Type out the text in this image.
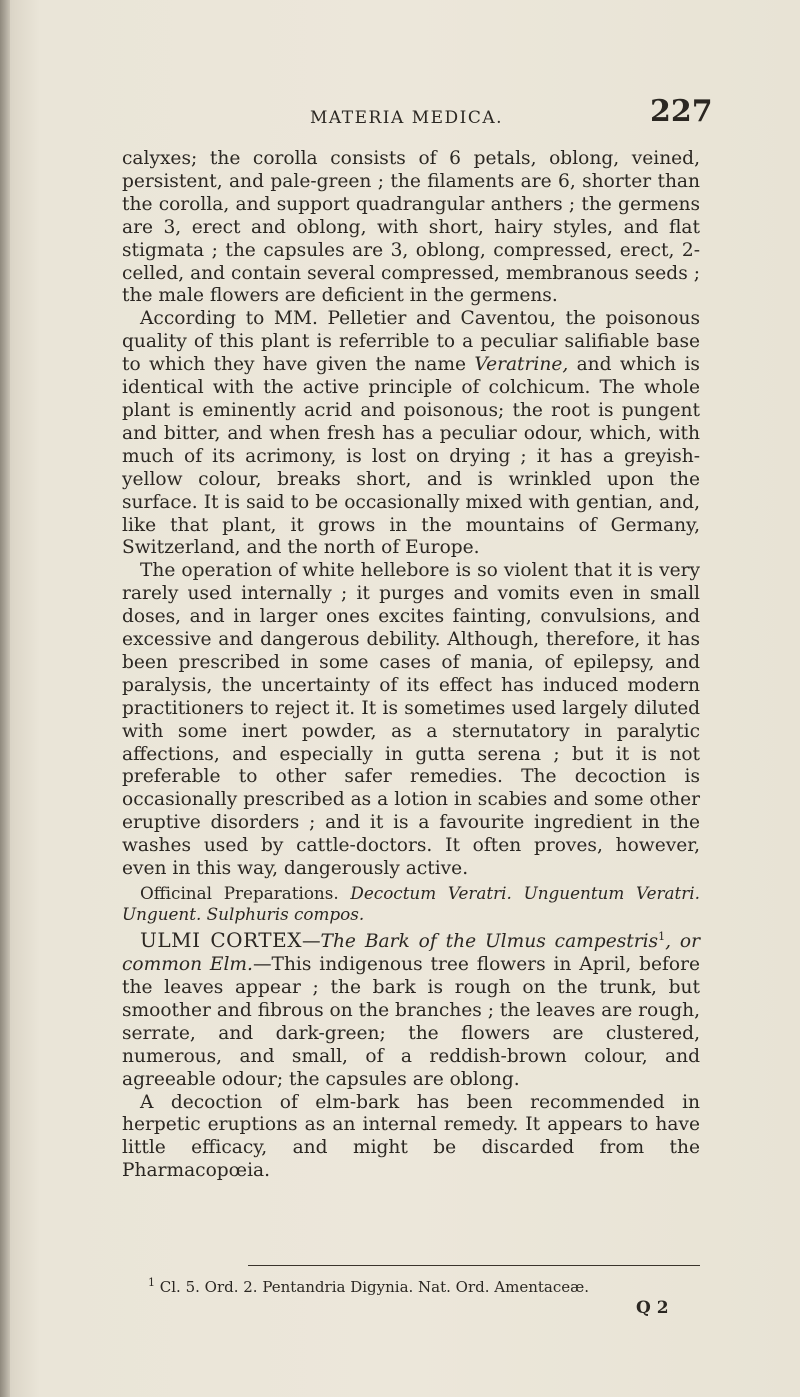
MATERIA MEDICA.	227

calyxes; the corolla consists of 6 petals, oblong, veined, persistent, and pale-green ; the filaments are 6, shorter than the corolla, and support quadrangular anthers ; the germens are 3, erect and oblong, with short, hairy styles, and flat stigmata ; the capsules are 3, oblong, compressed, erect, 2-celled, and contain several compressed, membranous seeds ; the male flowers are deficient in the germens.

According to MM. Pelletier and Caventou, the poisonous quality of this plant is referrible to a peculiar salifiable base to which they have given the name Veratrine, and which is identical with the active principle of colchicum. The whole plant is eminently acrid and poisonous; the root is pungent and bitter, and when fresh has a peculiar odour, which, with much of its acrimony, is lost on drying ; it has a greyish-yellow colour, breaks short, and is wrinkled upon the surface. It is said to be occasionally mixed with gentian, and, like that plant, it grows in the mountains of Germany, Switzerland, and the north of Europe.

The operation of white hellebore is so violent that it is very rarely used internally ; it purges and vomits even in small doses, and in larger ones excites fainting, convulsions, and excessive and dangerous debility. Although, therefore, it has been prescribed in some cases of mania, of epilepsy, and paralysis, the uncertainty of its effect has induced modern practitioners to reject it. It is sometimes used largely diluted with some inert powder, as a sternutatory in paralytic affections, and especially in gutta serena ; but it is not preferable to other safer remedies. The decoction is occasionally prescribed as a lotion in scabies and some other eruptive disorders ; and it is a favourite ingredient in the washes used by cattle-doctors. It often proves, however, even in this way, dangerously active.

Officinal Preparations. Decoctum Veratri. Unguentum Veratri. Unguent. Sulphuris compos.

ULMI CORTEX—The Bark of the Ulmus campestris$^1$, or common Elm.—This indigenous tree flowers in April, before the leaves appear ; the bark is rough on the trunk, but smoother and fibrous on the branches ; the leaves are rough, serrate, and dark-green; the flowers are clustered, numerous, and small, of a reddish-brown colour, and agreeable odour; the capsules are oblong.

A decoction of elm-bark has been recommended in herpetic eruptions as an internal remedy. It appears to have little efficacy, and might be discarded from the Pharmacopœia.

$^1$ Cl. 5. Ord. 2. Pentandria Digynia. Nat. Ord. Amentaceæ.
Q 2
